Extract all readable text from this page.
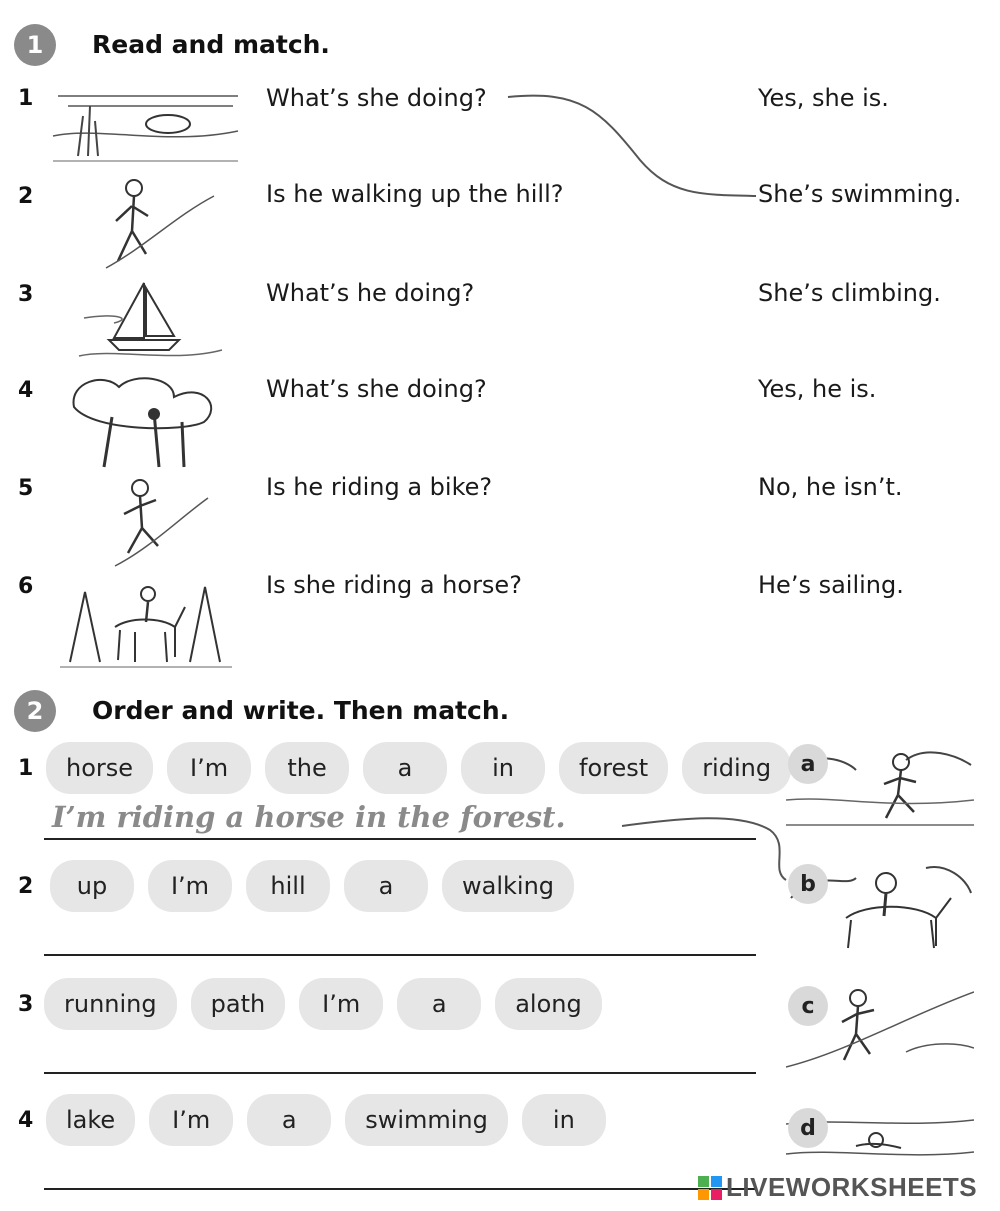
1	Read and match.
1	What’s she doing?	Yes, she is.
2	Is he walking up the hill?	She’s swimming.
3	What’s he doing?	She’s climbing.
4	What’s she doing?	Yes, he is.
5	Is he riding a bike?	No, he isn’t.
6	Is she riding a horse?	He’s sailing.
2	Order and write. Then match.
1	horse	I’m	the	a	in	forest	riding
I’m riding a horse in the forest.
2	up	I’m	hill	a	walking
3	running	path	I’m	a	along
4	lake	I’m	a	swimming	in
a
b
c
d
LIVEWORKSHEETS
